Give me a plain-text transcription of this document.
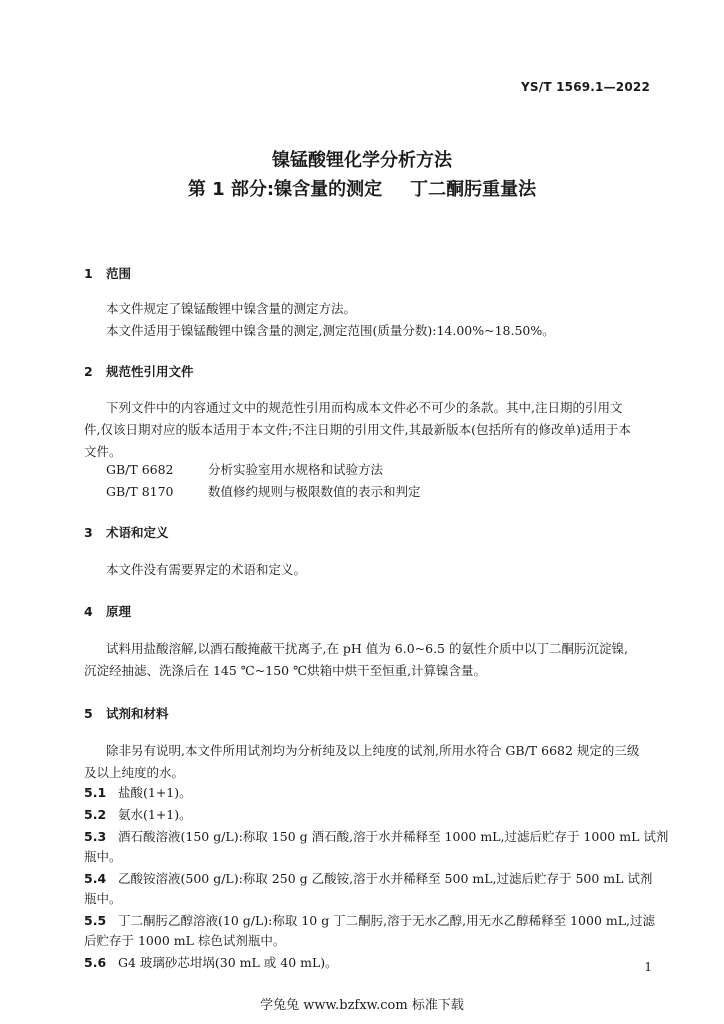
YS/T 1569.1—2022
镍锰酸锂化学分析方法
第 1 部分:镍含量的测定 丁二酮肟重量法
1 范围
本文件规定了镍锰酸锂中镍含量的测定方法。
本文件适用于镍锰酸锂中镍含量的测定,测定范围(质量分数):14.00%~18.50%。
2 规范性引用文件
下列文件中的内容通过文中的规范性引用而构成本文件必不可少的条款。其中,注日期的引用文
件,仅该日期对应的版本适用于本文件;不注日期的引用文件,其最新版本(包括所有的修改单)适用于本
文件。
GB/T 6682	分析实验室用水规格和试验方法
GB/T 8170	数值修约规则与极限数值的表示和判定
3 术语和定义
本文件没有需要界定的术语和定义。
4 原理
试料用盐酸溶解,以酒石酸掩蔽干扰离子,在 pH 值为 6.0~6.5 的氨性介质中以丁二酮肟沉淀镍,
沉淀经抽滤、洗涤后在 145 ℃~150 ℃烘箱中烘干至恒重,计算镍含量。
5 试剂和材料
除非另有说明,本文件所用试剂均为分析纯及以上纯度的试剂,所用水符合 GB/T 6682 规定的三级
及以上纯度的水。
5.1 盐酸(1+1)。
5.2 氨水(1+1)。
5.3 酒石酸溶液(150 g/L):称取 150 g 酒石酸,溶于水并稀释至 1000 mL,过滤后贮存于 1000 mL 试剂
瓶中。
5.4 乙酸铵溶液(500 g/L):称取 250 g 乙酸铵,溶于水并稀释至 500 mL,过滤后贮存于 500 mL 试剂
瓶中。
5.5 丁二酮肟乙醇溶液(10 g/L):称取 10 g 丁二酮肟,溶于无水乙醇,用无水乙醇稀释至 1000 mL,过滤
后贮存于 1000 mL 棕色试剂瓶中。
5.6 G4 玻璃砂芯坩埚(30 mL 或 40 mL)。	1
学兔兔 www.bzfxw.com 标准下载
